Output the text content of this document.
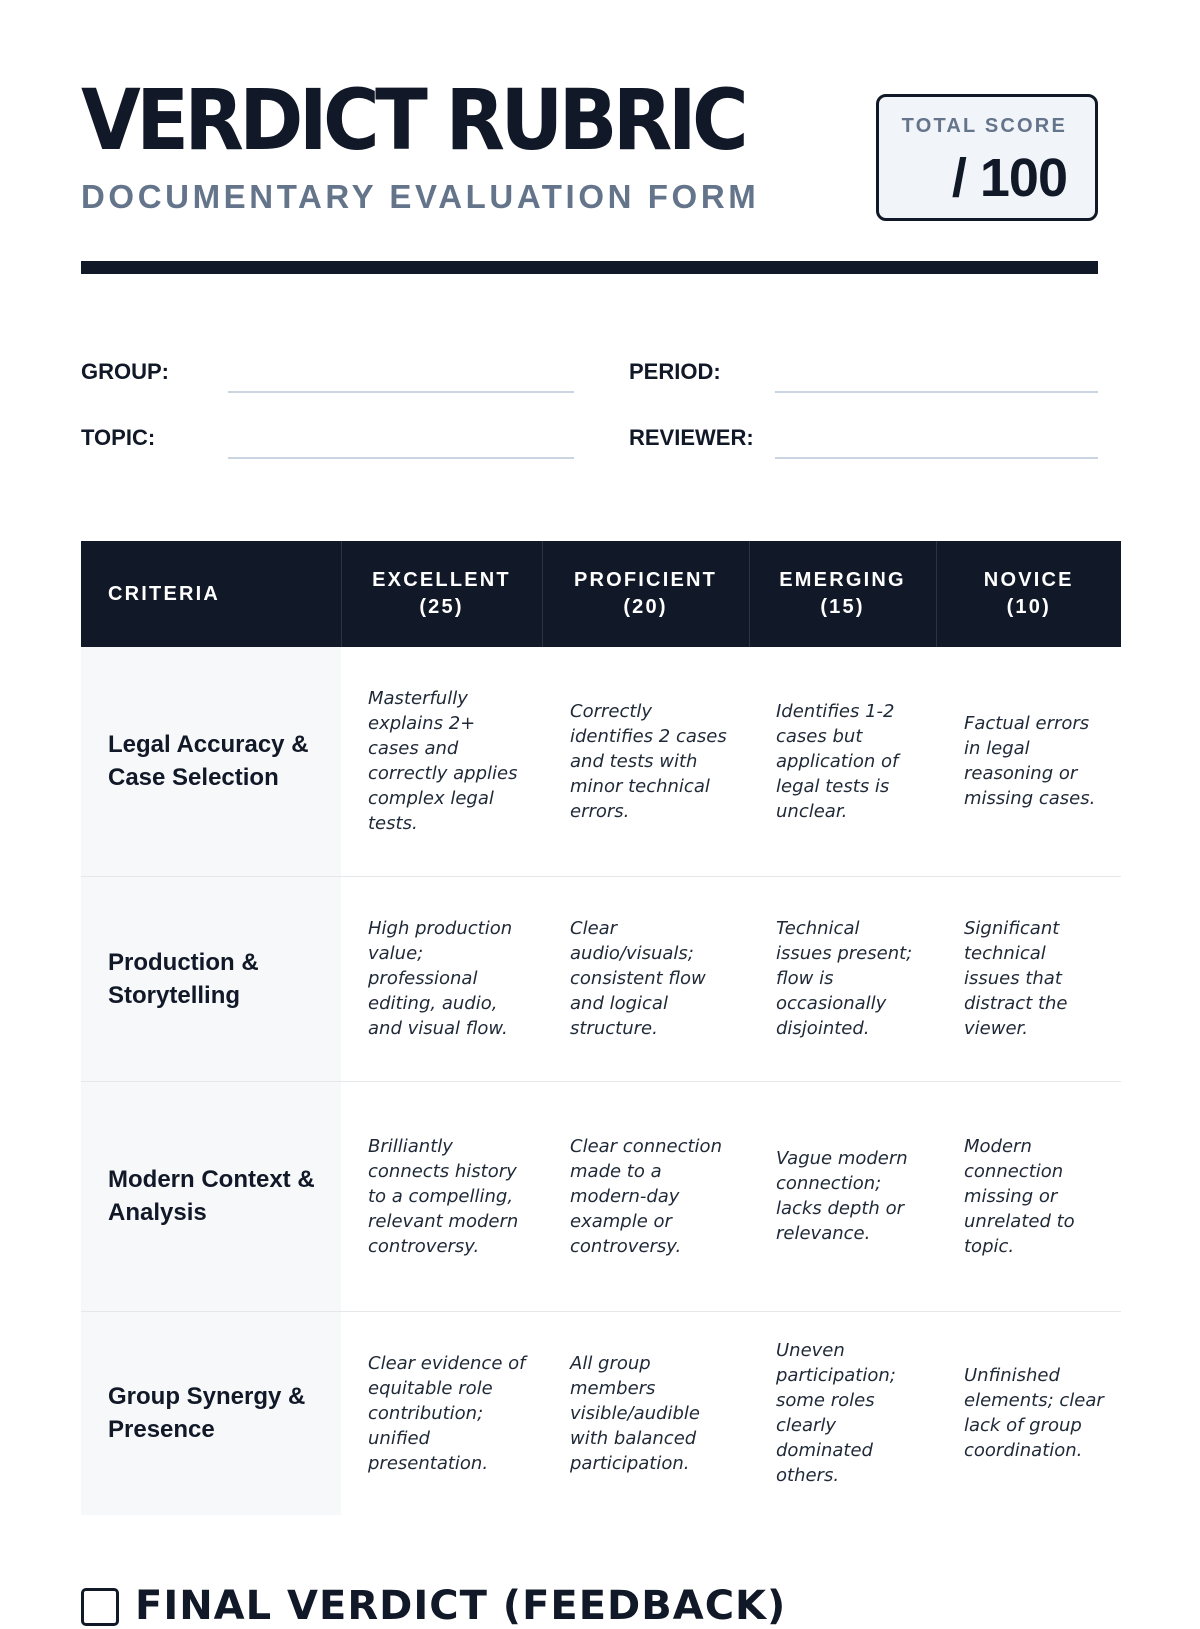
VERDICT RUBRIC
DOCUMENTARY EVALUATION FORM
TOTAL SCORE
/ 100
GROUP:	PERIOD:
TOPIC:	REVIEWER:
CRITERIA	EXCELLENT (25)	PROFICIENT (20)	EMERGING (15)	NOVICE (10)
Legal Accuracy & Case Selection	Masterfully explains 2+ cases and correctly applies complex legal tests.	Correctly identifies 2 cases and tests with minor technical errors.	Identifies 1-2 cases but application of legal tests is unclear.	Factual errors in legal reasoning or missing cases.
Production & Storytelling	High production value; professional editing, audio, and visual flow.	Clear audio/visuals; consistent flow and logical structure.	Technical issues present; flow is occasionally disjointed.	Significant technical issues that distract the viewer.
Modern Context & Analysis	Brilliantly connects history to a compelling, relevant modern controversy.	Clear connection made to a modern-day example or controversy.	Vague modern connection; lacks depth or relevance.	Modern connection missing or unrelated to topic.
Group Synergy & Presence	Clear evidence of equitable role contribution; unified presentation.	All group members visible/audible with balanced participation.	Uneven participation; some roles clearly dominated others.	Unfinished elements; clear lack of group coordination.
FINAL VERDICT (FEEDBACK)
